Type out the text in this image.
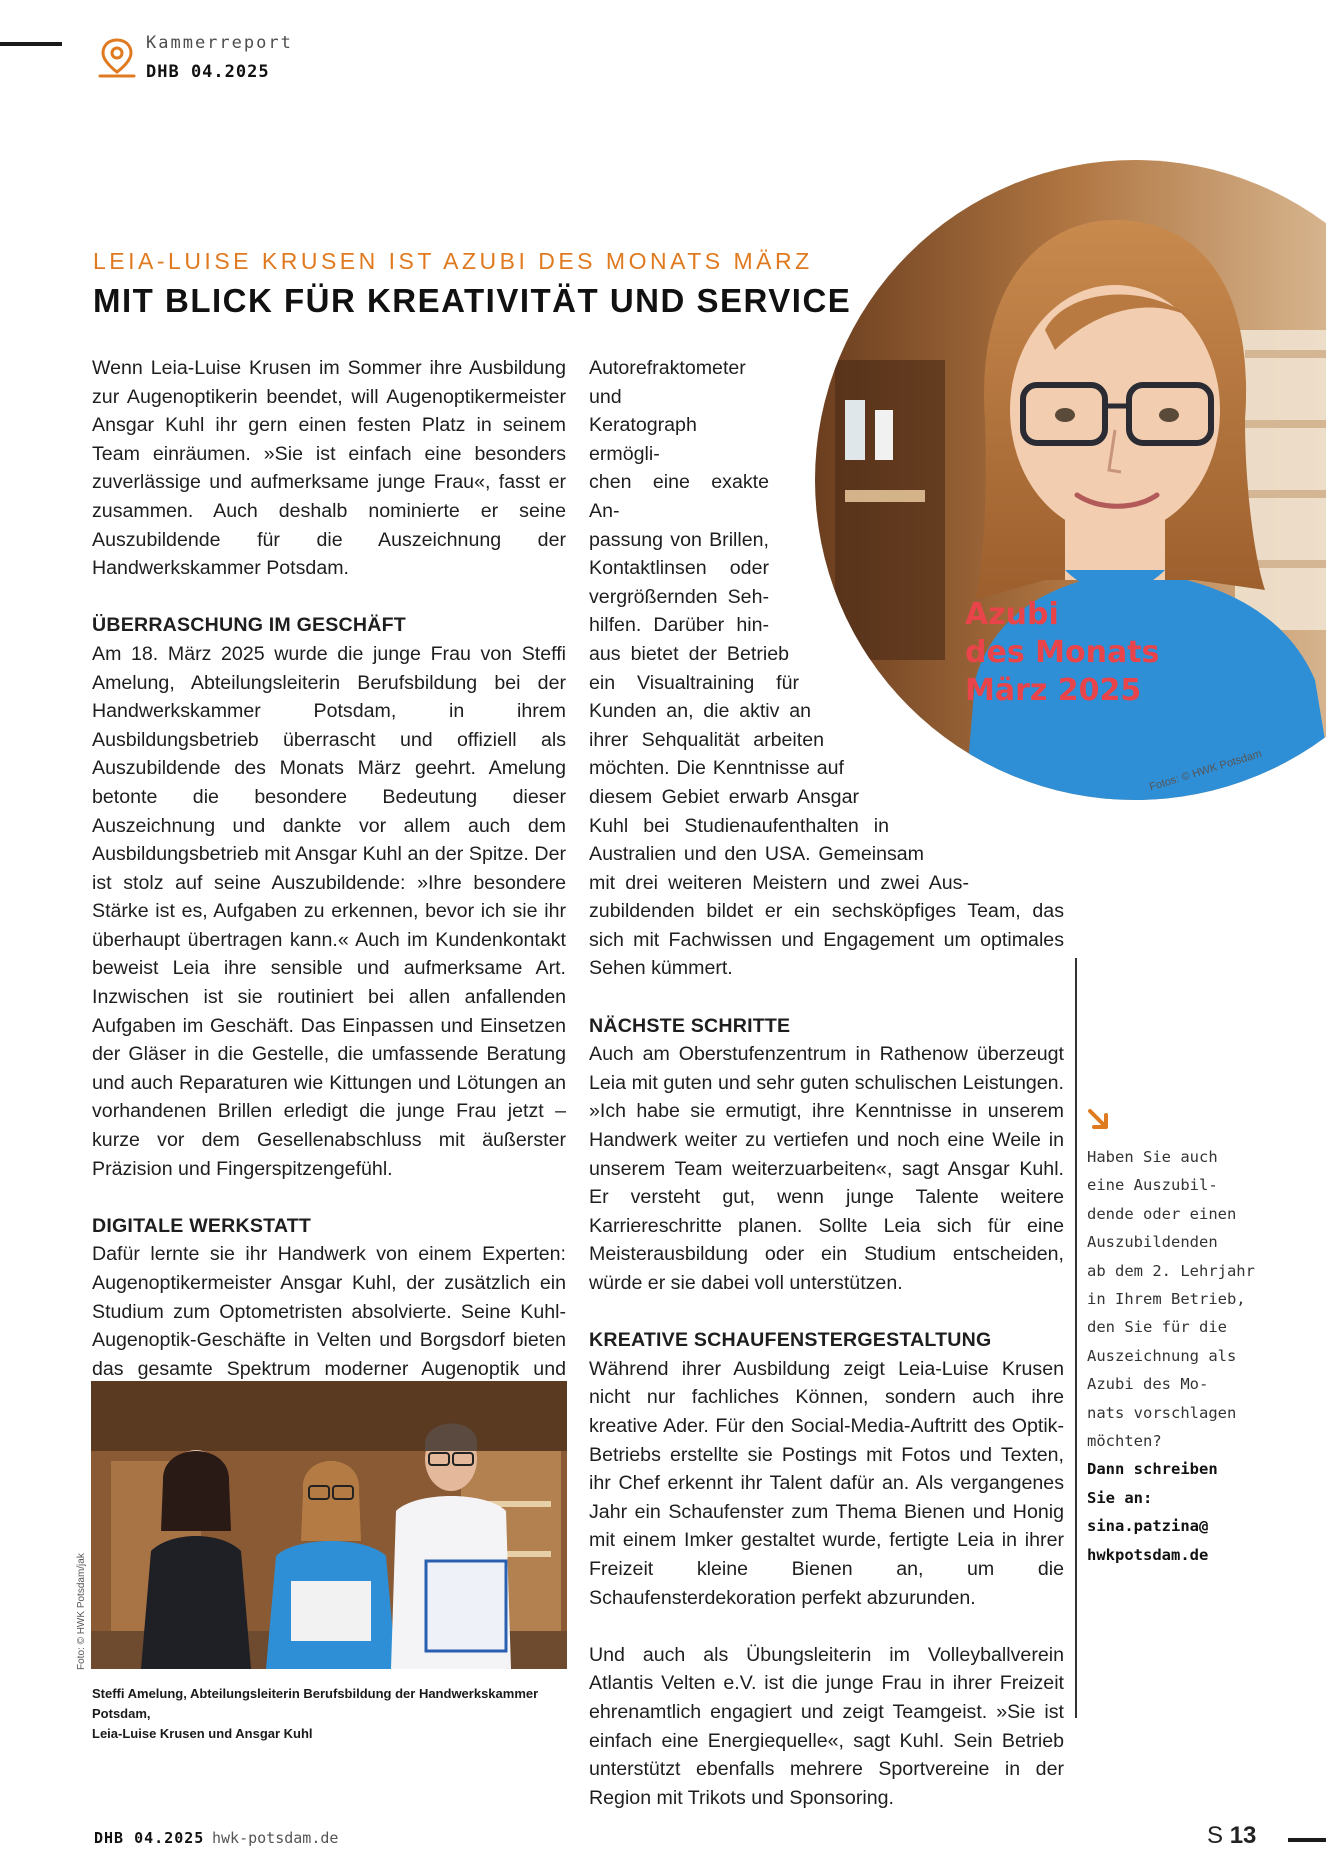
Kammerreport
DHB 04.2025
LEIA-LUISE KRUSEN IST AZUBI DES MONATS MÄRZ
MIT BLICK FÜR KREATIVITÄT UND SERVICE
Azubi
des Monats
März 2025
Fotos: © HWK Potsdam

Wenn Leia-Luise Krusen im Sommer ihre Ausbildung zur Augenoptikerin beendet, will Augenoptikermeister Ansgar Kuhl ihr gern einen festen Platz in seinem Team einräumen. »Sie ist einfach eine besonders zuverlässige und aufmerksame junge Frau«, fasst er zusammen. Auch deshalb nominierte er seine Auszubildende für die Auszeichnung der Handwerkskammer Potsdam.

ÜBERRASCHUNG IM GESCHÄFT

Am 18. März 2025 wurde die junge Frau von Steffi Amelung, Abteilungsleiterin Berufsbildung bei der Handwerkskammer Potsdam, in ihrem Ausbildungsbetrieb überrascht und offiziell als Auszubildende des Monats März geehrt. Amelung betonte die besondere Bedeutung dieser Auszeichnung und dankte vor allem auch dem Ausbildungsbetrieb mit Ansgar Kuhl an der Spitze. Der ist stolz auf seine Auszubildende: »Ihre besondere Stärke ist es, Aufgaben zu erkennen, bevor ich sie ihr überhaupt übertragen kann.« Auch im Kundenkontakt beweist Leia ihre sensible und aufmerksame Art. Inzwischen ist sie routiniert bei allen anfallenden Aufgaben im Geschäft. Das Einpassen und Einsetzen der Gläser in die Gestelle, die umfassende Beratung und auch Reparaturen wie Kittungen und Lötungen an vorhandenen Brillen erledigt die junge Frau jetzt – kurze vor dem Gesellenabschluss mit äußerster Präzision und Fingerspitzengefühl.

DIGITALE WERKSTATT

Dafür lernte sie ihr Handwerk von einem Experten: Augenoptikermeister Ansgar Kuhl, der zusätzlich ein Studium zum Optometristen absolvierte. Seine Kuhl-Augenoptik-Geschäfte in Velten und Borgsdorf bieten das gesamte Spektrum moderner Augenoptik und

Autorefraktometer und
Keratograph ermögli-
chen eine exakte An-
passung von Brillen,
Kontaktlinsen oder
vergrößernden Seh-
hilfen. Darüber hin-
aus bietet der Betrieb
ein Visualtraining für
Kunden an, die aktiv an
ihrer Sehqualität arbeiten
möchten. Die Kenntnisse auf
diesem Gebiet erwarb Ansgar
Kuhl bei Studienaufenthalten in
Australien und den USA. Gemeinsam
mit drei weiteren Meistern und zwei Aus-

zubildenden bildet er ein sechsköpfiges Team, das sich mit Fachwissen und Engagement um optimales Sehen kümmert.

NÄCHSTE SCHRITTE

Auch am Oberstufenzentrum in Rathenow überzeugt Leia mit guten und sehr guten schulischen Leistungen. »Ich habe sie ermutigt, ihre Kenntnisse in unserem Handwerk weiter zu vertiefen und noch eine Weile in unserem Team weiterzuarbeiten«, sagt Ansgar Kuhl. Er versteht gut, wenn junge Talente weitere Karriereschritte planen. Sollte Leia sich für eine Meisterausbildung oder ein Studium entscheiden, würde er sie dabei voll unterstützen.

KREATIVE SCHAUFENSTERGESTALTUNG

Während ihrer Ausbildung zeigt Leia-Luise Krusen nicht nur fachliches Können, sondern auch ihre kreative Ader. Für den Social-Media-Auftritt des Optik-Betriebs erstellte sie Postings mit Fotos und Texten, ihr Chef erkennt ihr Talent dafür an. Als vergangenes Jahr ein Schaufenster zum Thema Bienen und Honig mit einem Imker gestaltet wurde, fertigte Leia in ihrer Freizeit kleine Bienen an, um die Schaufensterdekoration perfekt abzurunden.

Und auch als Übungsleiterin im Volleyballverein Atlantis Velten e.V. ist die junge Frau in ihrer Freizeit ehrenamtlich engagiert und zeigt Teamgeist. »Sie ist einfach eine Energiequelle«, sagt Kuhl. Sein Betrieb unterstützt ebenfalls mehrere Sportvereine in der Region mit Trikots und Sponsoring.

Foto: © HWK Potsdam/jak
Steffi Amelung, Abteilungsleiterin Berufsbildung der Handwerkskammer Potsdam,
Leia-Luise Krusen und Ansgar Kuhl
Haben Sie auch
eine Auszubil-
dende oder einen
Auszubildenden
ab dem 2. Lehrjahr
in Ihrem Betrieb,
den Sie für die
Auszeichnung als
Azubi des Mo-
nats vorschlagen
möchten?
Dann schreiben
Sie an:
sina.patzina@
hwkpotsdam.de
DHB 04.2025 hwk-potsdam.de	S 13
